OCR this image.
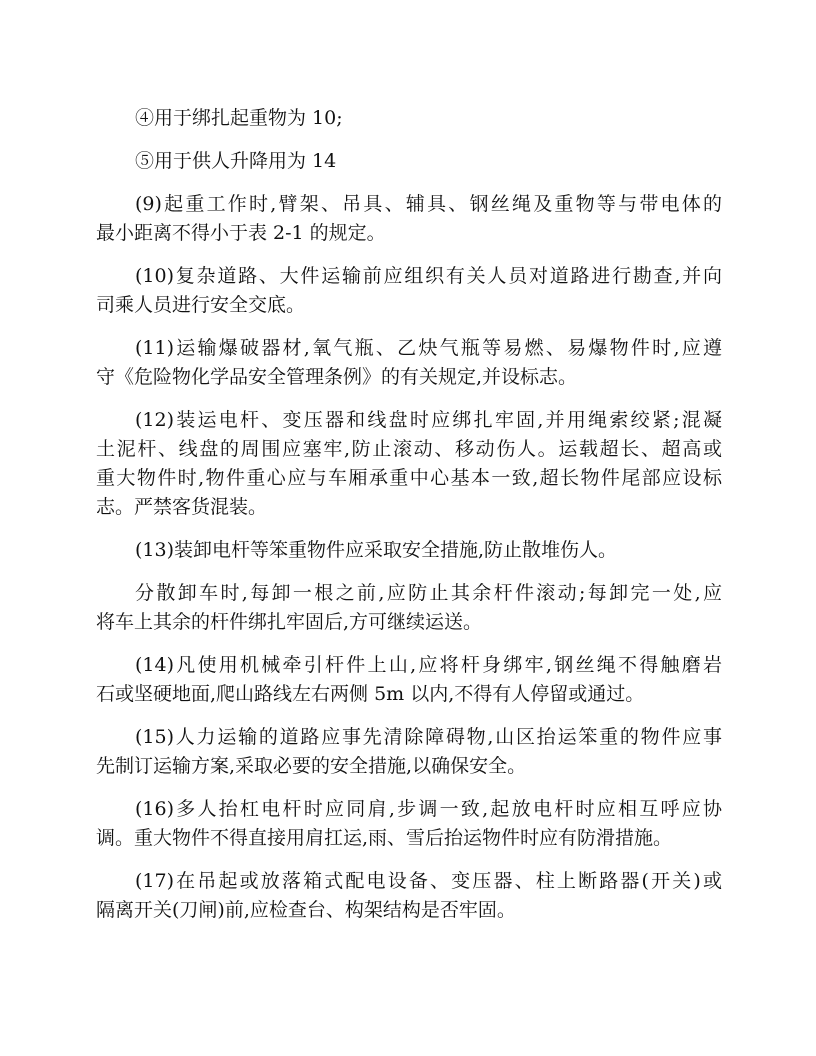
④用于绑扎起重物为 10;

⑤用于供人升降用为 14

(9)起重工作时,臂架、吊具、辅具、钢丝绳及重物等与带电体的
最小距离不得小于表 2-1 的规定。

(10)复杂道路、大件运输前应组织有关人员对道路进行勘查,并向
司乘人员进行安全交底。

(11)运输爆破器材,氧气瓶、乙炔气瓶等易燃、易爆物件时,应遵
守《危险物化学品安全管理条例》的有关规定,并设标志。

(12)装运电杆、变压器和线盘时应绑扎牢固,并用绳索绞紧;混凝
土泥杆、线盘的周围应塞牢,防止滚动、移动伤人。运载超长、超高或
重大物件时,物件重心应与车厢承重中心基本一致,超长物件尾部应设标
志。严禁客货混装。

(13)装卸电杆等笨重物件应采取安全措施,防止散堆伤人。

分散卸车时,每卸一根之前,应防止其余杆件滚动;每卸完一处,应
将车上其余的杆件绑扎牢固后,方可继续运送。

(14)凡使用机械牵引杆件上山,应将杆身绑牢,钢丝绳不得触磨岩
石或坚硬地面,爬山路线左右两侧 5m 以内,不得有人停留或通过。

(15)人力运输的道路应事先清除障碍物,山区抬运笨重的物件应事
先制订运输方案,采取必要的安全措施,以确保安全。

(16)多人抬杠电杆时应同肩,步调一致,起放电杆时应相互呼应协
调。重大物件不得直接用肩扛运,雨、雪后抬运物件时应有防滑措施。

(17)在吊起或放落箱式配电设备、变压器、柱上断路器(开关)或
隔离开关(刀闸)前,应检查台、构架结构是否牢固。
